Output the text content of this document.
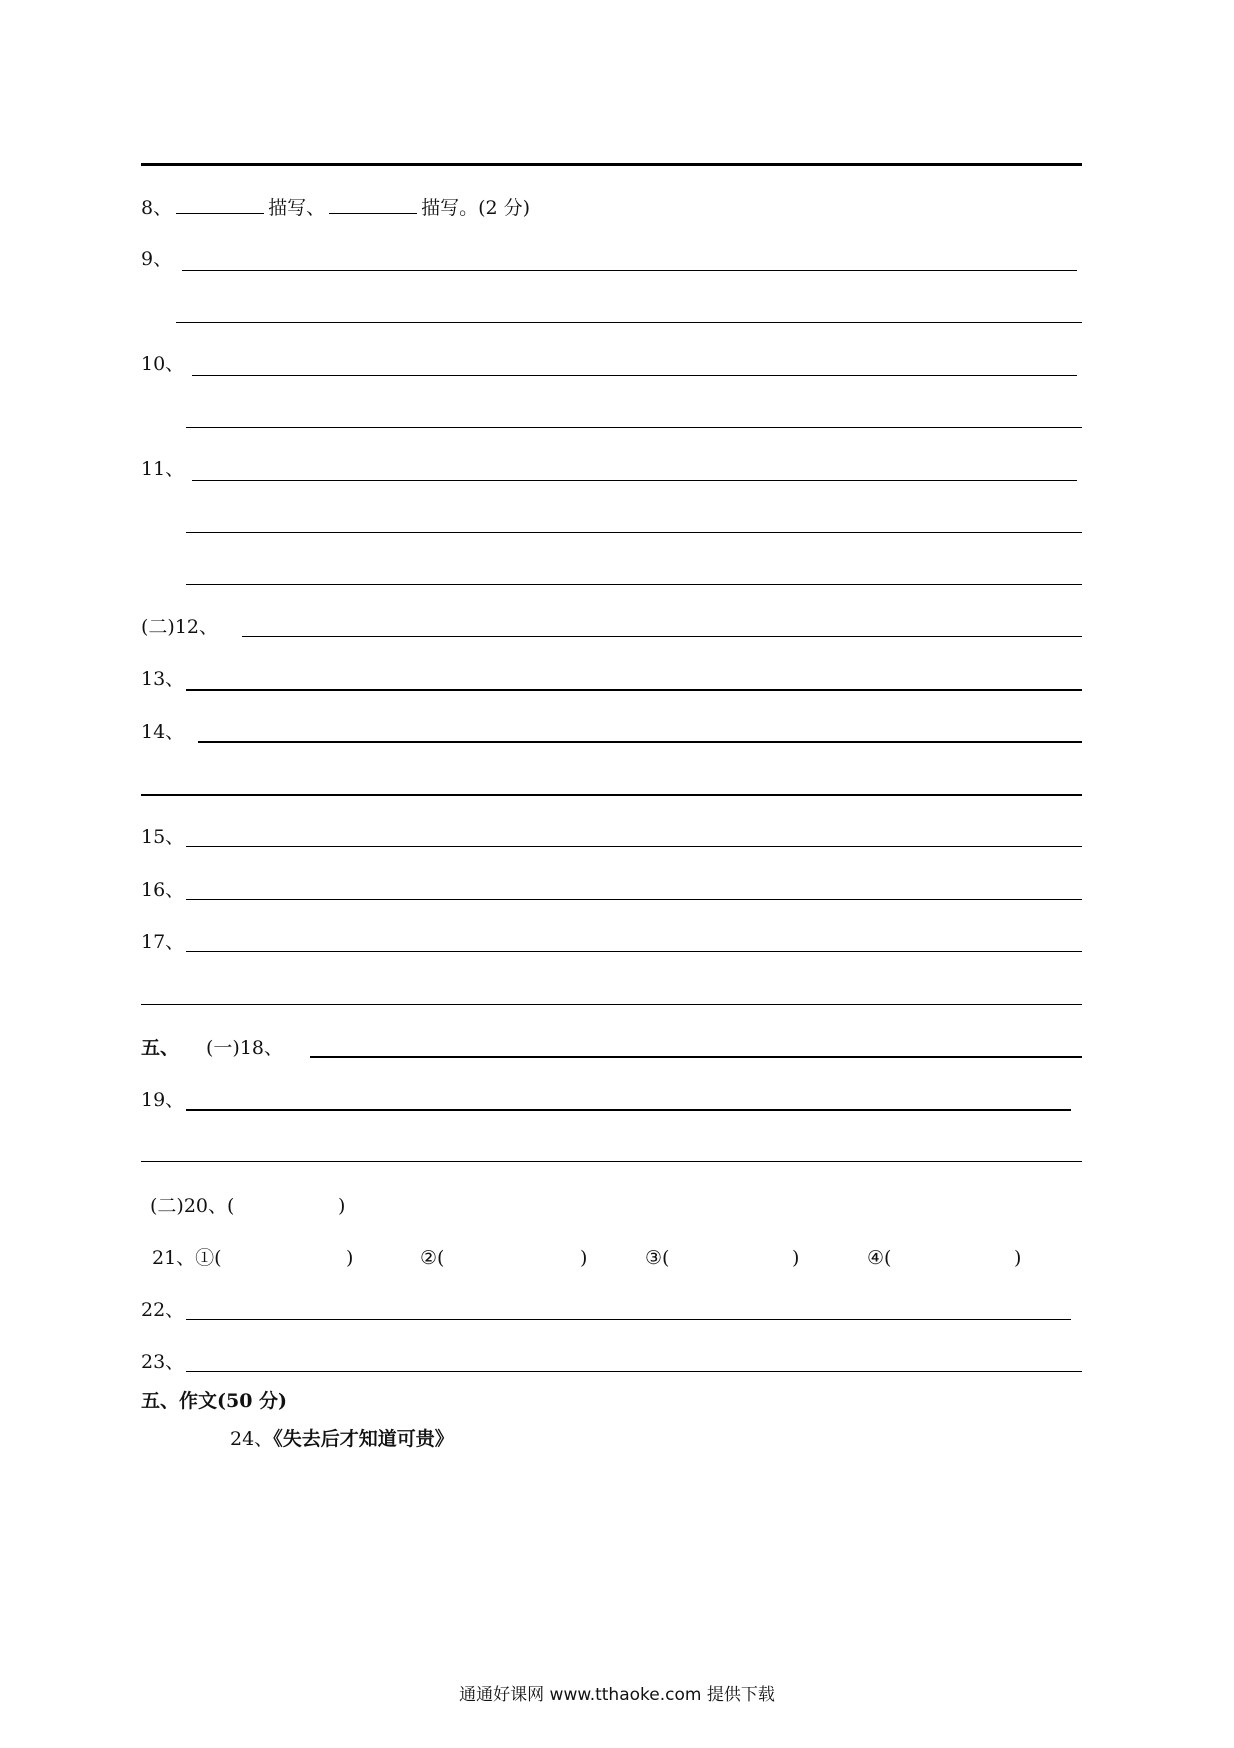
8、	描写、	描写。(2 分)
9、
10、
11、
(二)12、
13、
14、
15、
16、
17、
五、 (一)18、
19、
(二)20、(	)
21、①(	)	②(	)	③(	)	④(	)
22、
23、
五、作文(50 分)
24、《失去后才知道可贵》
通通好课网 www.tthaoke.com 提供下载
